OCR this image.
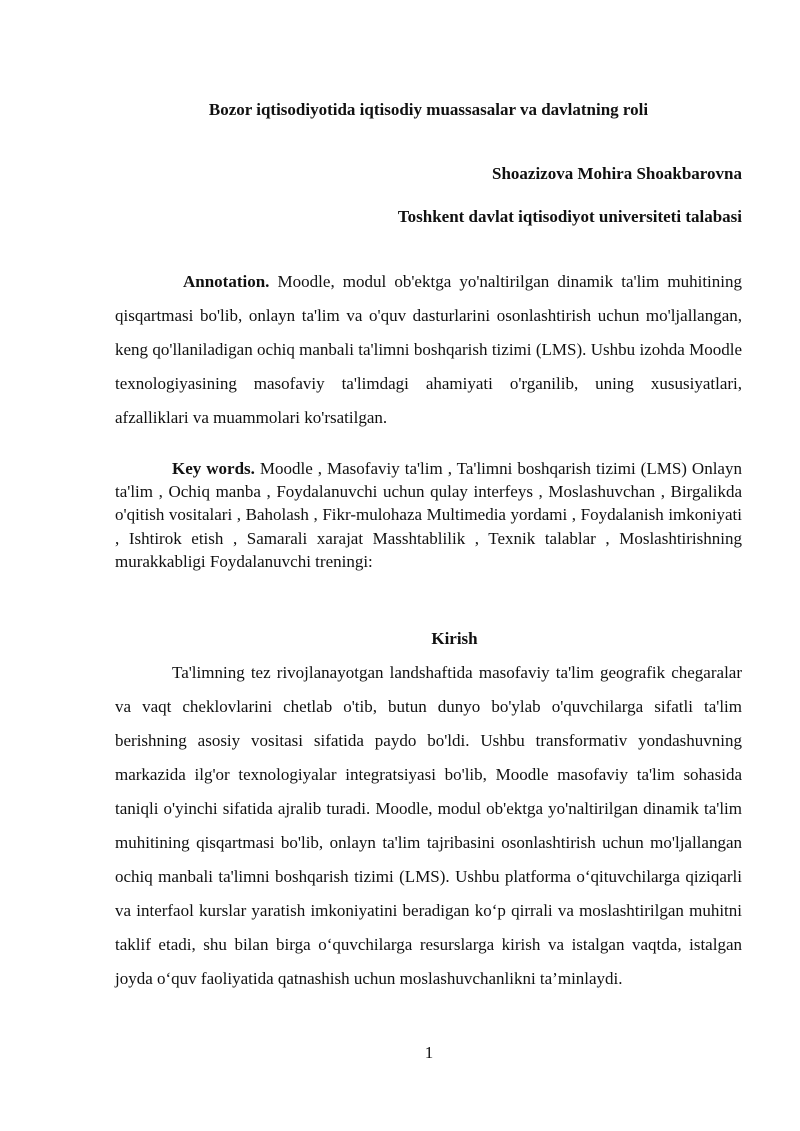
Bozor iqtisodiyotida iqtisodiy muassasalar va davlatning roli
Shoazizova Mohira Shoakbarovna
Toshkent davlat iqtisodiyot universiteti talabasi

Annotation. Moodle, modul ob'ektga yo'naltirilgan dinamik ta'lim muhitining qisqartmasi bo'lib, onlayn ta'lim va o'quv dasturlarini osonlashtirish uchun mo'ljallangan, keng qo'llaniladigan ochiq manbali ta'limni boshqarish tizimi (LMS). Ushbu izohda Moodle texnologiyasining masofaviy ta'limdagi ahamiyati o'rganilib, uning xususiyatlari, afzalliklari va muammolari ko'rsatilgan.

Key words. Moodle , Masofaviy ta'lim , Ta'limni boshqarish tizimi (LMS) Onlayn ta'lim , Ochiq manba , Foydalanuvchi uchun qulay interfeys , Moslashuvchan , Birgalikda o'qitish vositalari , Baholash , Fikr-mulohaza Multimedia yordami , Foydalanish imkoniyati , Ishtirok etish , Samarali xarajat Masshtablilik , Texnik talablar , Moslashtirishning murakkabligi Foydalanuvchi treningi:

Kirish

Ta'limning tez rivojlanayotgan landshaftida masofaviy ta'lim geografik chegaralar va vaqt cheklovlarini chetlab o'tib, butun dunyo bo'ylab o'quvchilarga sifatli ta'lim berishning asosiy vositasi sifatida paydo bo'ldi. Ushbu transformativ yondashuvning markazida ilg'or texnologiyalar integratsiyasi bo'lib, Moodle masofaviy ta'lim sohasida taniqli o'yinchi sifatida ajralib turadi. Moodle, modul ob'ektga yo'naltirilgan dinamik ta'lim muhitining qisqartmasi bo'lib, onlayn ta'lim tajribasini osonlashtirish uchun mo'ljallangan ochiq manbali ta'limni boshqarish tizimi (LMS). Ushbu platforma o‘qituvchilarga qiziqarli va interfaol kurslar yaratish imkoniyatini beradigan ko‘p qirrali va moslashtirilgan muhitni taklif etadi, shu bilan birga o‘quvchilarga resurslarga kirish va istalgan vaqtda, istalgan joyda o‘quv faoliyatida qatnashish uchun moslashuvchanlikni ta’minlaydi.

1
